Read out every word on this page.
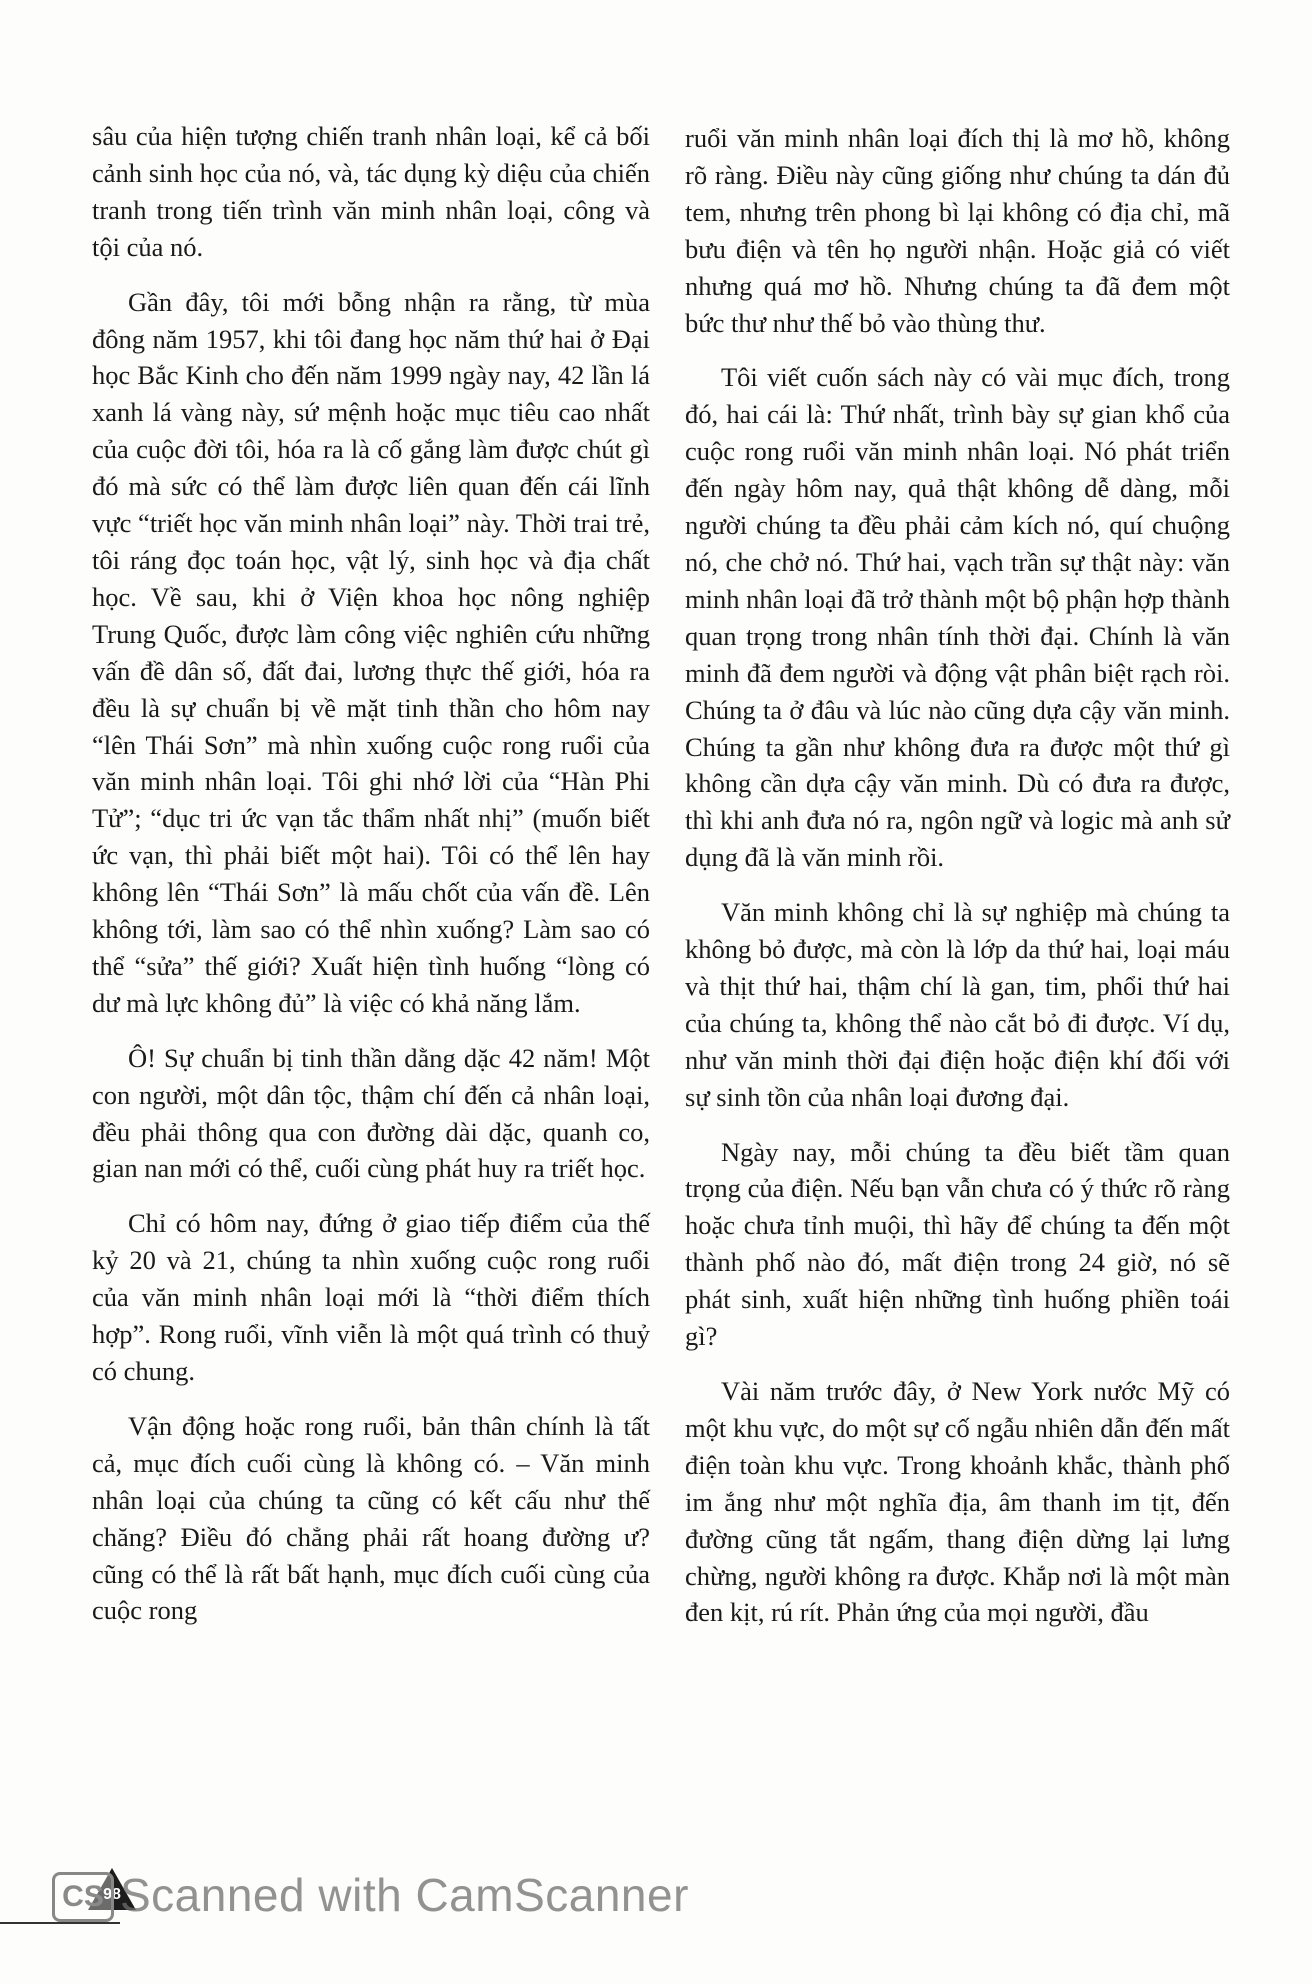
sâu của hiện tượng chiến tranh nhân loại, kể cả bối cảnh sinh học của nó, và, tác dụng kỳ diệu của chiến tranh trong tiến trình văn minh nhân loại, công và tội của nó.

Gần đây, tôi mới bỗng nhận ra rằng, từ mùa đông năm 1957, khi tôi đang học năm thứ hai ở Đại học Bắc Kinh cho đến năm 1999 ngày nay, 42 lần lá xanh lá vàng này, sứ mệnh hoặc mục tiêu cao nhất của cuộc đời tôi, hóa ra là cố gắng làm được chút gì đó mà sức có thể làm được liên quan đến cái lĩnh vực “triết học văn minh nhân loại” này. Thời trai trẻ, tôi ráng đọc toán học, vật lý, sinh học và địa chất học. Về sau, khi ở Viện khoa học nông nghiệp Trung Quốc, được làm công việc nghiên cứu những vấn đề dân số, đất đai, lương thực thế giới, hóa ra đều là sự chuẩn bị về mặt tinh thần cho hôm nay “lên Thái Sơn” mà nhìn xuống cuộc rong ruổi của văn minh nhân loại. Tôi ghi nhớ lời của “Hàn Phi Tử”; “dục tri ức vạn tắc thẩm nhất nhị” (muốn biết ức vạn, thì phải biết một hai). Tôi có thể lên hay không lên “Thái Sơn” là mấu chốt của vấn đề. Lên không tới, làm sao có thể nhìn xuống? Làm sao có thể “sửa” thế giới? Xuất hiện tình huống “lòng có dư mà lực không đủ” là việc có khả năng lắm.

Ô! Sự chuẩn bị tinh thần dằng dặc 42 năm! Một con người, một dân tộc, thậm chí đến cả nhân loại, đều phải thông qua con đường dài dặc, quanh co, gian nan mới có thể, cuối cùng phát huy ra triết học.

Chỉ có hôm nay, đứng ở giao tiếp điểm của thế kỷ 20 và 21, chúng ta nhìn xuống cuộc rong ruổi của văn minh nhân loại mới là “thời điểm thích hợp”. Rong ruổi, vĩnh viễn là một quá trình có thuỷ có chung.

Vận động hoặc rong ruổi, bản thân chính là tất cả, mục đích cuối cùng là không có. – Văn minh nhân loại của chúng ta cũng có kết cấu như thế chăng? Điều đó chẳng phải rất hoang đường ư? cũng có thể là rất bất hạnh, mục đích cuối cùng của cuộc rong

ruổi văn minh nhân loại đích thị là mơ hồ, không rõ ràng. Điều này cũng giống như chúng ta dán đủ tem, nhưng trên phong bì lại không có địa chỉ, mã bưu điện và tên họ người nhận. Hoặc giả có viết nhưng quá mơ hồ. Nhưng chúng ta đã đem một bức thư như thế bỏ vào thùng thư.

Tôi viết cuốn sách này có vài mục đích, trong đó, hai cái là: Thứ nhất, trình bày sự gian khổ của cuộc rong ruổi văn minh nhân loại. Nó phát triển đến ngày hôm nay, quả thật không dễ dàng, mỗi người chúng ta đều phải cảm kích nó, quí chuộng nó, che chở nó. Thứ hai, vạch trần sự thật này: văn minh nhân loại đã trở thành một bộ phận hợp thành quan trọng trong nhân tính thời đại. Chính là văn minh đã đem người và động vật phân biệt rạch ròi. Chúng ta ở đâu và lúc nào cũng dựa cậy văn minh. Chúng ta gần như không đưa ra được một thứ gì không cần dựa cậy văn minh. Dù có đưa ra được, thì khi anh đưa nó ra, ngôn ngữ và logic mà anh sử dụng đã là văn minh rồi.

Văn minh không chỉ là sự nghiệp mà chúng ta không bỏ được, mà còn là lớp da thứ hai, loại máu và thịt thứ hai, thậm chí là gan, tim, phổi thứ hai của chúng ta, không thể nào cắt bỏ đi được. Ví dụ, như văn minh thời đại điện hoặc điện khí đối với sự sinh tồn của nhân loại đương đại.

Ngày nay, mỗi chúng ta đều biết tầm quan trọng của điện. Nếu bạn vẫn chưa có ý thức rõ ràng hoặc chưa tỉnh muội, thì hãy để chúng ta đến một thành phố nào đó, mất điện trong 24 giờ, nó sẽ phát sinh, xuất hiện những tình huống phiền toái gì?

Vài năm trước đây, ở New York nước Mỹ có một khu vực, do một sự cố ngẫu nhiên dẫn đến mất điện toàn khu vực. Trong khoảnh khắc, thành phố im ắng như một nghĩa địa, âm thanh im tịt, đến đường cũng tắt ngấm, thang điện dừng lại lưng chừng, người không ra được. Khắp nơi là một màn đen kịt, rú rít. Phản ứng của mọi người, đầu

98
CS Scanned with CamScanner
